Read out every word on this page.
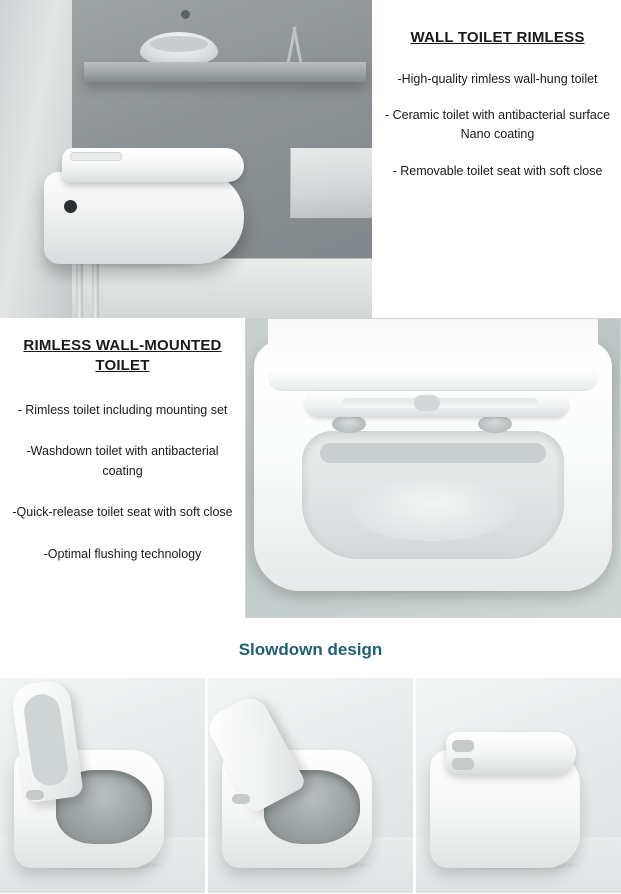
WALL TOILET RIMLESS

-High-quality rimless wall-hung toilet

- Ceramic toilet with antibacterial surface Nano coating

- Removable toilet seat with soft close

RIMLESS WALL-MOUNTED TOILET

- Rimless toilet including mounting set

-Washdown toilet with antibacterial coating

-Quick-release toilet seat with soft close

-Optimal flushing technology

Slowdown design
